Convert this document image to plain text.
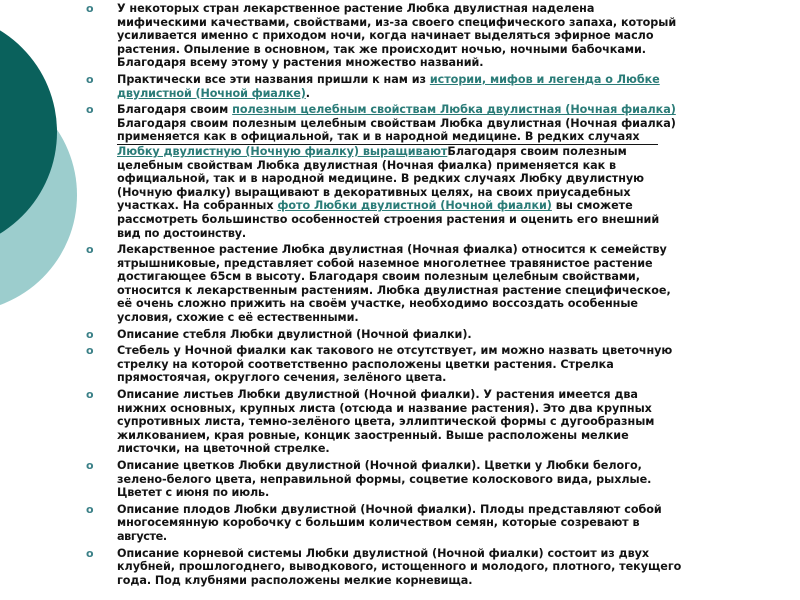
o У некоторых стран лекарственное растение Любка двулистная наделена
мифическими качествами, свойствами, из-за своего специфического запаха, который
усиливается именно с приходом ночи, когда начинает выделяться эфирное масло
растения. Опыление в основном, так же происходит ночью, ночными бабочками.
Благодаря всему этому у растения множество названий.
o Практически все эти названия пришли к нам из истории, мифов и легенда о Любке
двулистной (Ночной фиалке).
o Благодаря своим полезным целебным свойствам Любка двулистная (Ночная фиалка)
Благодаря своим полезным целебным свойствам Любка двулистная (Ночная фиалка)
применяется как в официальной, так и в народной медицине. В редких случаях
Любку двулистную (Ночную фиалку) выращиваютБлагодаря своим полезным
целебным свойствам Любка двулистная (Ночная фиалка) применяется как в
официальной, так и в народной медицине. В редких случаях Любку двулистную
(Ночную фиалку) выращивают в декоративных целях, на своих приусадебных
участках. На собранных фото Любки двулистной (Ночной фиалки) вы сможете
рассмотреть большинство особенностей строения растения и оценить его внешний
вид по достоинству.
o Лекарственное растение Любка двулистная (Ночная фиалка) относится к семейству
ятрышниковые, представляет собой наземное многолетнее травянистое растение
достигающее 65см в высоту. Благодаря своим полезным целебным свойствами,
относится к лекарственным растениям. Любка двулистная растение специфическое,
её очень сложно прижить на своём участке, необходимо воссоздать особенные
условия, схожие с её естественными.
o Описание стебля Любки двулистной (Ночной фиалки).
o Стебель у Ночной фиалки как такового не отсутствует, им можно назвать цветочную
стрелку на которой соответственно расположены цветки растения. Стрелка
прямостоячая, округлого сечения, зелёного цвета.
o Описание листьев Любки двулистной (Ночной фиалки). У растения имеется два
нижних основных, крупных листа (отсюда и название растения). Это два крупных
супротивных листа, темно-зелёного цвета, эллиптической формы с дугообразным
жилкованием, края ровные, концик заостренный. Выше расположены мелкие
листочки, на цветочной стрелке.
o Описание цветков Любки двулистной (Ночной фиалки). Цветки у Любки белого,
зелено-белого цвета, неправильной формы, соцветие колоскового вида, рыхлые.
Цветет с июня по июль.
o Описание плодов Любки двулистной (Ночной фиалки). Плоды представляют собой
многосемянную коробочку с большим количеством семян, которые созревают в
августе.
o Описание корневой системы Любки двулистной (Ночной фиалки) состоит из двух
клубней, прошлогоднего, выводкового, истощенного и молодого, плотного, текущего
года. Под клубнями расположены мелкие корневища.
